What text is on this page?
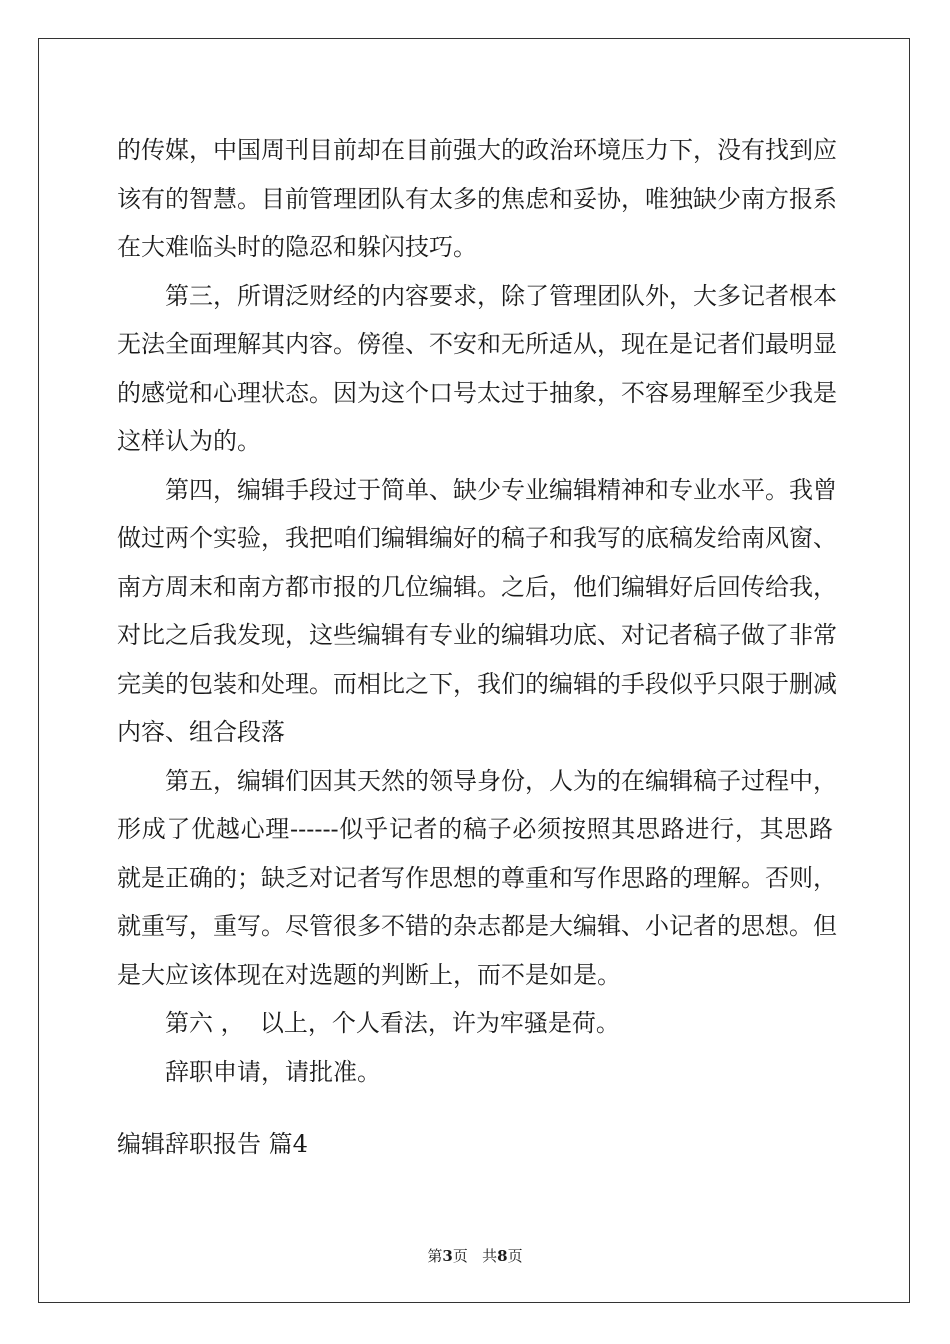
的传媒，中国周刊目前却在目前强大的政治环境压力下，没有找到应
该有的智慧。目前管理团队有太多的焦虑和妥协，唯独缺少南方报系
在大难临头时的隐忍和躲闪技巧。
第三，所谓泛财经的内容要求，除了管理团队外，大多记者根本
无法全面理解其内容。傍徨、不安和无所适从，现在是记者们最明显
的感觉和心理状态。因为这个口号太过于抽象，不容易理解至少我是
这样认为的。
第四，编辑手段过于简单、缺少专业编辑精神和专业水平。我曾
做过两个实验，我把咱们编辑编好的稿子和我写的底稿发给南风窗、
南方周末和南方都市报的几位编辑。之后，他们编辑好后回传给我，
对比之后我发现，这些编辑有专业的编辑功底、对记者稿子做了非常
完美的包装和处理。而相比之下，我们的编辑的手段似乎只限于删减
内容、组合段落
第五，编辑们因其天然的领导身份，人为的在编辑稿子过程中，
形成了优越心理------似乎记者的稿子必须按照其思路进行，其思路
就是正确的；缺乏对记者写作思想的尊重和写作思路的理解。否则，
就重写，重写。尽管很多不错的杂志都是大编辑、小记者的思想。但
是大应该体现在对选题的判断上，而不是如是。
第六 ，  以上，个人看法，许为牢骚是荷。
辞职申请，请批准。
编辑辞职报告 篇4
第3页   共8页
